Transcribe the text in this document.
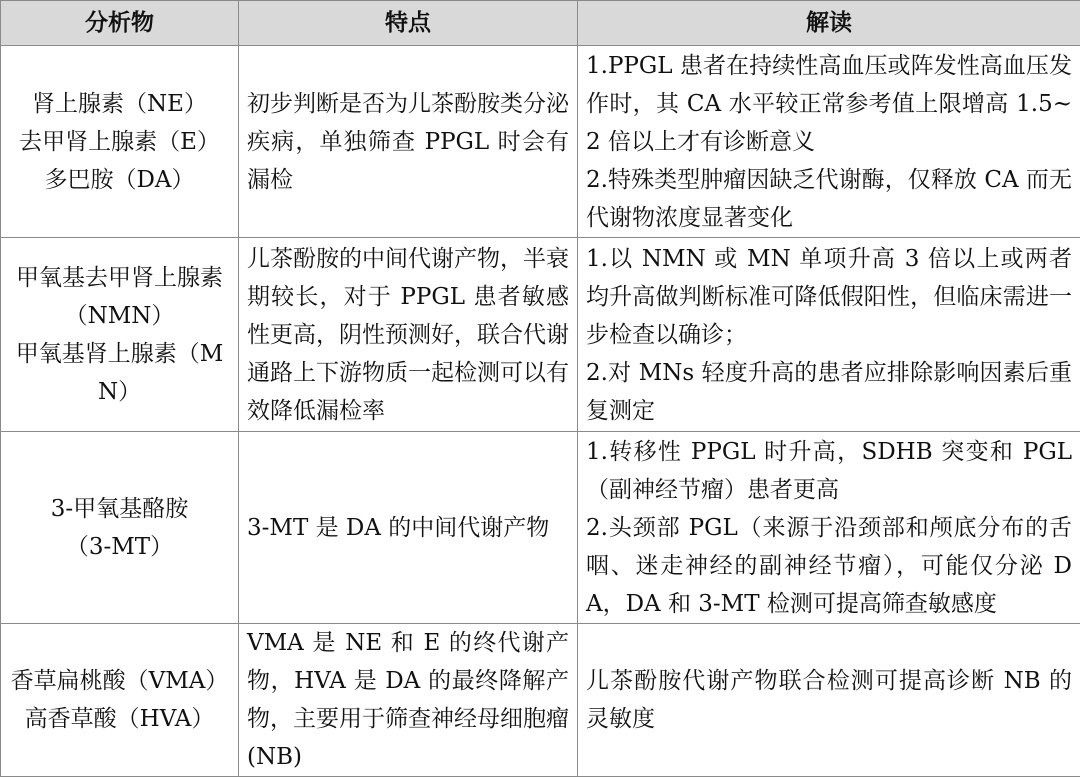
分析物	特点	解读

肾上腺素（NE）
去甲肾上腺素（E）
多巴胺（DA）	初步判断是否为儿茶酚胺类分泌疾病，单独筛查 PPGL 时会有漏检	1.PPGL 患者在持续性高血压或阵发性高血压发作时，其 CA 水平较正常参考值上限增高 1.5~2 倍以上才有诊断意义
2.特殊类型肿瘤因缺乏代谢酶，仅释放 CA 而无代谢物浓度显著变化

甲氧基去甲肾上腺素（NMN）
甲氧基肾上腺素（MN）	儿茶酚胺的中间代谢产物，半衰期较长，对于 PPGL 患者敏感性更高，阴性预测好，联合代谢通路上下游物质一起检测可以有效降低漏检率	1.以 NMN 或 MN 单项升高 3 倍以上或两者均升高做判断标准可降低假阳性，但临床需进一步检查以确诊；
2.对 MNs 轻度升高的患者应排除影响因素后重复测定

3-甲氧基酪胺
（3-MT）	3-MT 是 DA 的中间代谢产物	1.转移性 PPGL 时升高，SDHB 突变和 PGL（副神经节瘤）患者更高
2.头颈部 PGL（来源于沿颈部和颅底分布的舌咽、迷走神经的副神经节瘤），可能仅分泌 DA，DA 和 3-MT 检测可提高筛查敏感度

香草扁桃酸（VMA）
高香草酸（HVA）	VMA 是 NE 和 E 的终代谢产物，HVA 是 DA 的最终降解产物，主要用于筛查神经母细胞瘤(NB)	儿茶酚胺代谢产物联合检测可提高诊断 NB 的灵敏度
